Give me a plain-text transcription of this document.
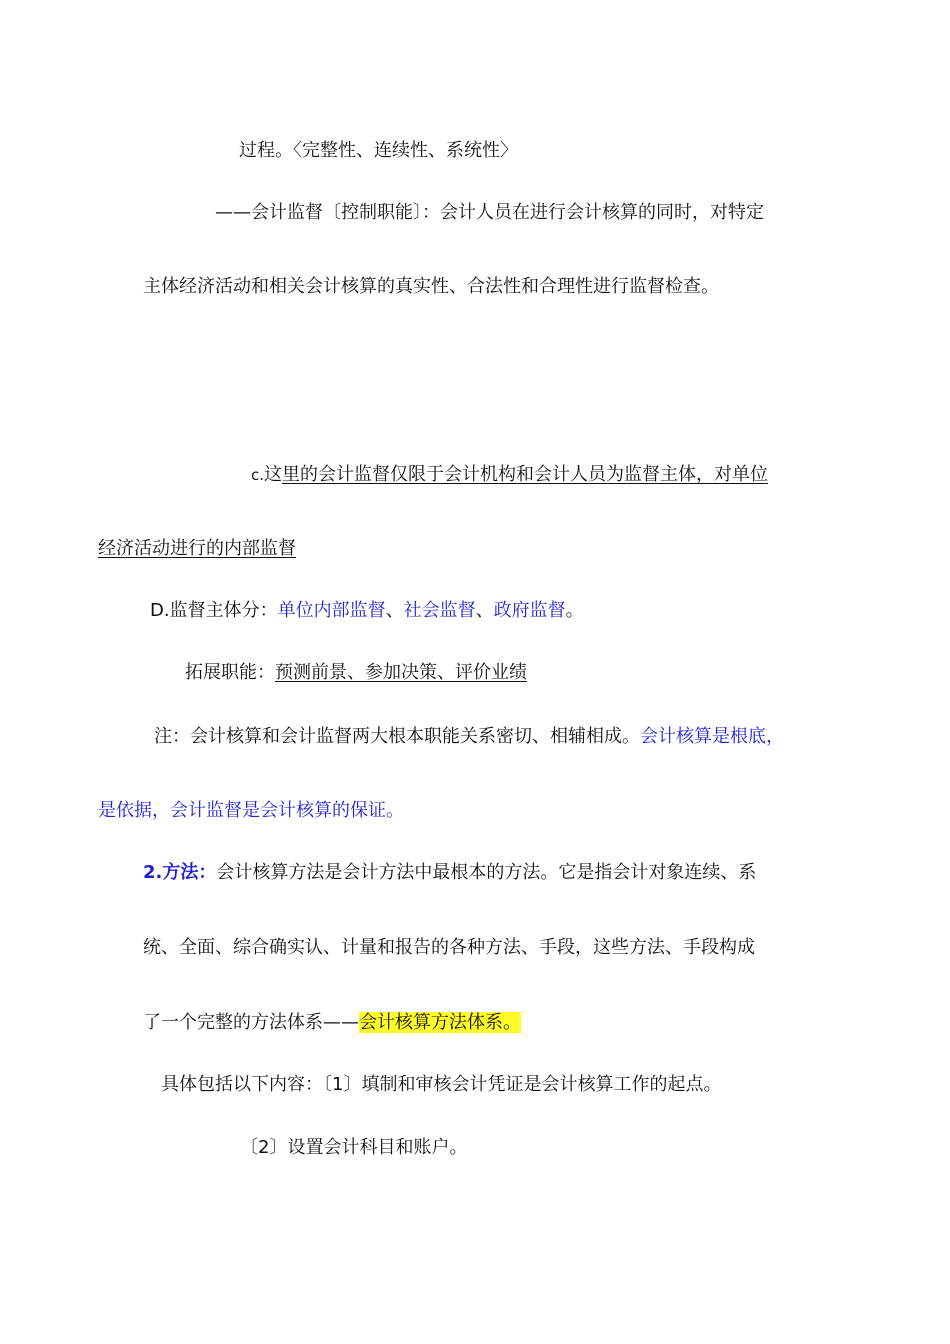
过程。〈完整性、连续性、系统性〉
——会计监督〔控制职能〕：会计人员在进行会计核算的同时，对特定
主体经济活动和相关会计核算的真实性、合法性和合理性进行监督检查。
c.这里的会计监督仅限于会计机构和会计人员为监督主体，对单位
经济活动进行的内部监督
D.监督主体分：单位内部监督、社会监督、政府监督。
拓展职能：预测前景、参加决策、评价业绩
注：会计核算和会计监督两大根本职能关系密切、相辅相成。会计核算是根底，
是依据，会计监督是会计核算的保证。
2.方法：会计核算方法是会计方法中最根本的方法。它是指会计对象连续、系
统、全面、综合确实认、计量和报告的各种方法、手段，这些方法、手段构成
了一个完整的方法体系——会计核算方法体系。
具体包括以下内容：〔1〕填制和审核会计凭证是会计核算工作的起点。
〔2〕设置会计科目和账户。
